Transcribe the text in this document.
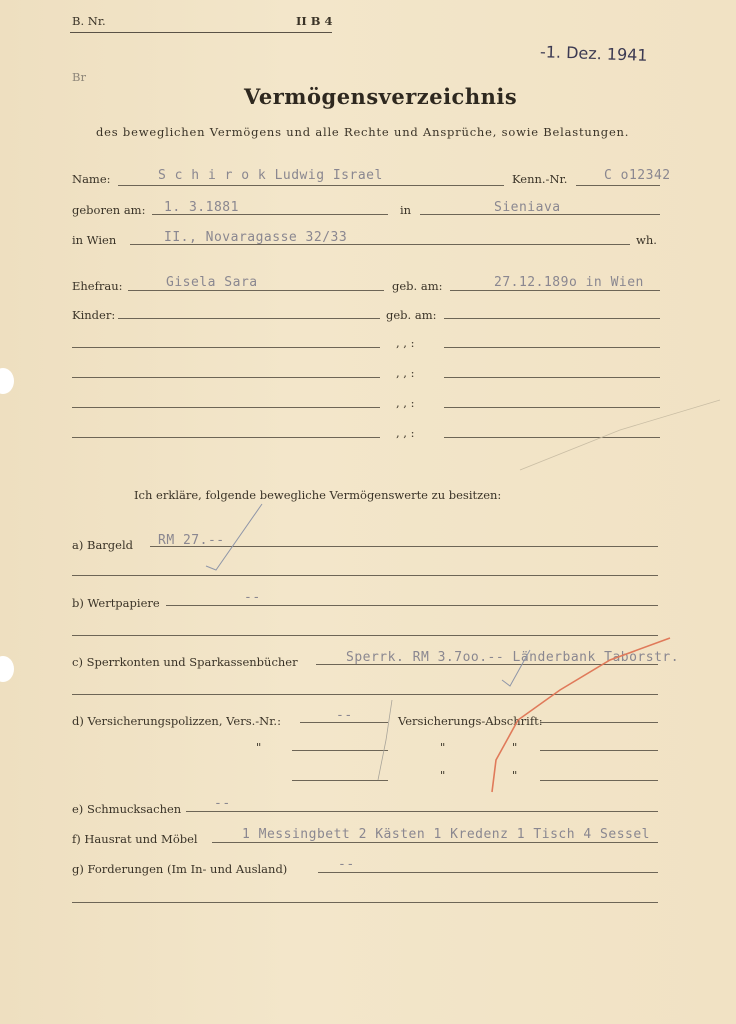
B. Nr.	II B 4
-1. Dez. 1941
Br
Vermögensverzeichnis
des beweglichen Vermögens und alle Rechte und Ansprüche, sowie Belastungen.
Name:	S c h i r o k Ludwig Israel	Kenn.-Nr.	C o12342
geboren am: 1. 3.1881	in	Sieniava
in Wien	II., Novaragasse 32/33	wh.
Ehefrau:	Gisela Sara	geb. am:	27.12.189o in Wien
Kinder:	geb. am:
, , :
, , :
, , :
, , :
Ich erkläre, folgende bewegliche Vermögenswerte zu besitzen:
a) Bargeld RM 27.--
b) Wertpapiere	--
c) Sperrkonten und Sparkassenbücher	Sperrk. RM 3.7oo.-- Länderbank Taborstr.
d) Versicherungspolizzen, Vers.-Nr.:	--	Versicherungs-Abschrift:
"	"	"
"	"
e) Schmucksachen	--
f) Hausrat und Möbel	1 Messingbett 2 Kästen 1 Kredenz 1 Tisch 4 Sessel
g) Forderungen (Im In- und Ausland)	--
